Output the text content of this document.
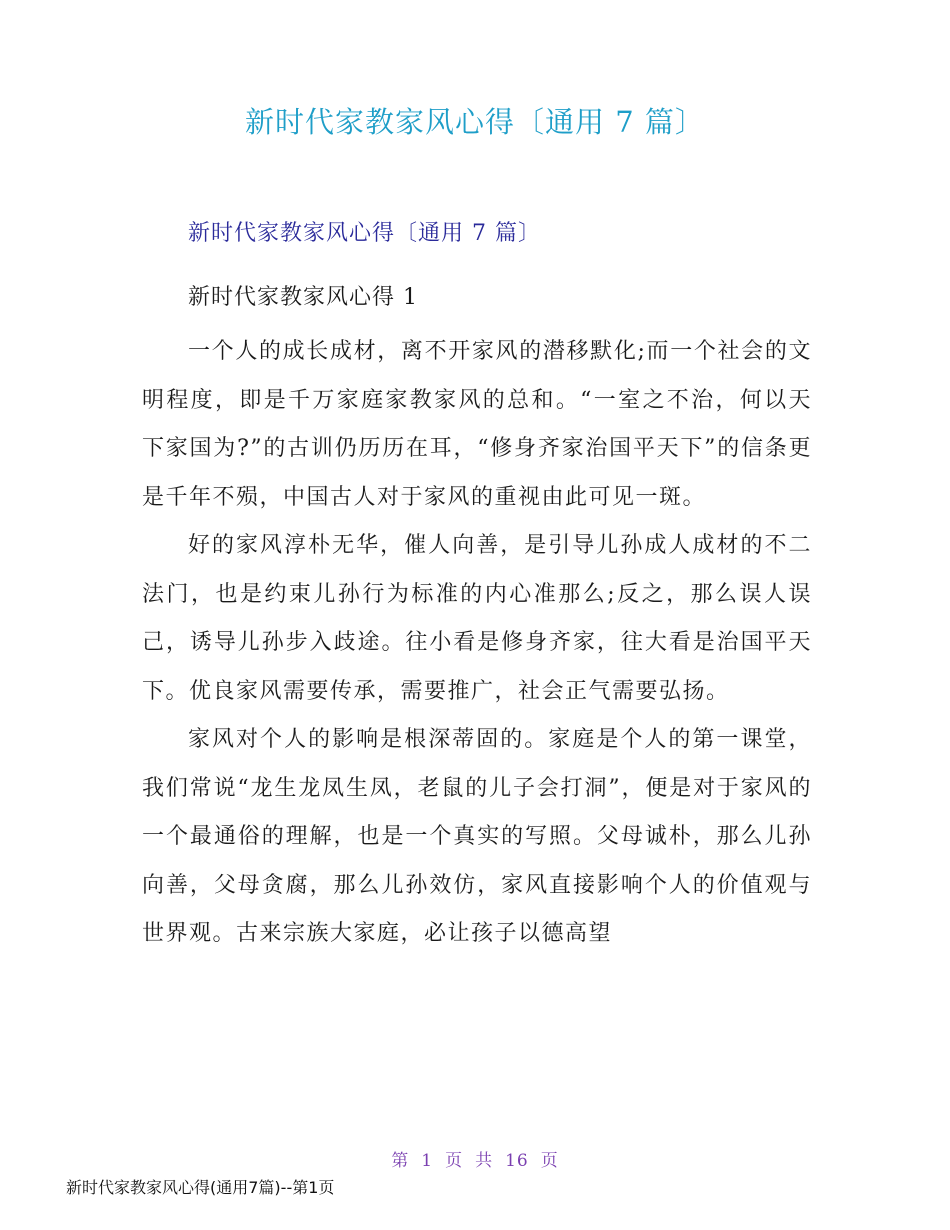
新时代家教家风心得〔通用 7 篇〕
新时代家教家风心得〔通用 7 篇〕
新时代家教家风心得 1

一个人的成长成材，离不开家风的潜移默化;而一个社会的文明程度，即是千万家庭家教家风的总和。“一室之不治，何以天下家国为?”的古训仍历历在耳，“修身齐家治国平天下”的信条更是千年不殒，中国古人对于家风的重视由此可见一斑。

好的家风淳朴无华，催人向善，是引导儿孙成人成材的不二法门，也是约束儿孙行为标准的内心准那么;反之，那么误人误己，诱导儿孙步入歧途。往小看是修身齐家，往大看是治国平天下。优良家风需要传承，需要推广，社会正气需要弘扬。

家风对个人的影响是根深蒂固的。家庭是个人的第一课堂，我们常说“龙生龙凤生凤，老鼠的儿子会打洞”，便是对于家风的一个最通俗的理解，也是一个真实的写照。父母诚朴，那么儿孙向善，父母贪腐，那么儿孙效仿，家风直接影响个人的价值观与世界观。古来宗族大家庭，必让孩子以德高望

第 1 页 共 16 页
新时代家教家风心得(通用7篇)--第1页
